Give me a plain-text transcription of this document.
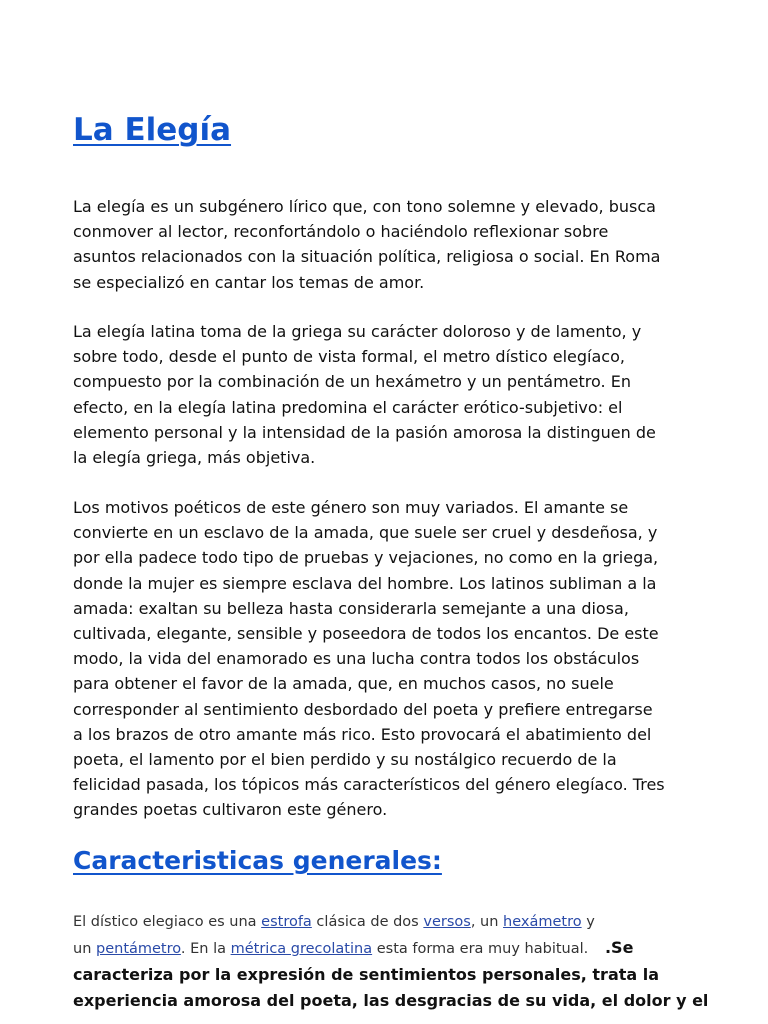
La Elegía

La elegía es un subgénero lírico que, con tono solemne y elevado, busca
conmover al lector, reconfortándolo o haciéndolo reflexionar sobre
asuntos relacionados con la situación política, religiosa o social. En Roma
se especializó en cantar los temas de amor.

La elegía latina toma de la griega su carácter doloroso y de lamento, y
sobre todo, desde el punto de vista formal, el metro dístico elegíaco,
compuesto por la combinación de un hexámetro y un pentámetro. En
efecto, en la elegía latina predomina el carácter erótico-subjetivo: el
elemento personal y la intensidad de la pasión amorosa la distinguen de
la elegía griega, más objetiva.

Los motivos poéticos de este género son muy variados. El amante se
convierte en un esclavo de la amada, que suele ser cruel y desdeñosa, y
por ella padece todo tipo de pruebas y vejaciones, no como en la griega,
donde la mujer es siempre esclava del hombre. Los latinos subliman a la
amada: exaltan su belleza hasta considerarla semejante a una diosa,
cultivada, elegante, sensible y poseedora de todos los encantos. De este
modo, la vida del enamorado es una lucha contra todos los obstáculos
para obtener el favor de la amada, que, en muchos casos, no suele
corresponder al sentimiento desbordado del poeta y prefiere entregarse
a los brazos de otro amante más rico. Esto provocará el abatimiento del
poeta, el lamento por el bien perdido y su nostálgico recuerdo de la
felicidad pasada, los tópicos más característicos del género elegíaco. Tres
grandes poetas cultivaron este género.

Caracteristicas generales:
El dístico elegiaco es una estrofa clásica de dos versos, un hexámetro y
un pentámetro. En la métrica grecolatina esta forma era muy habitual.   .Se
caracteriza por la expresión de sentimientos personales, trata la
experiencia amorosa del poeta, las desgracias de su vida, el dolor y el
